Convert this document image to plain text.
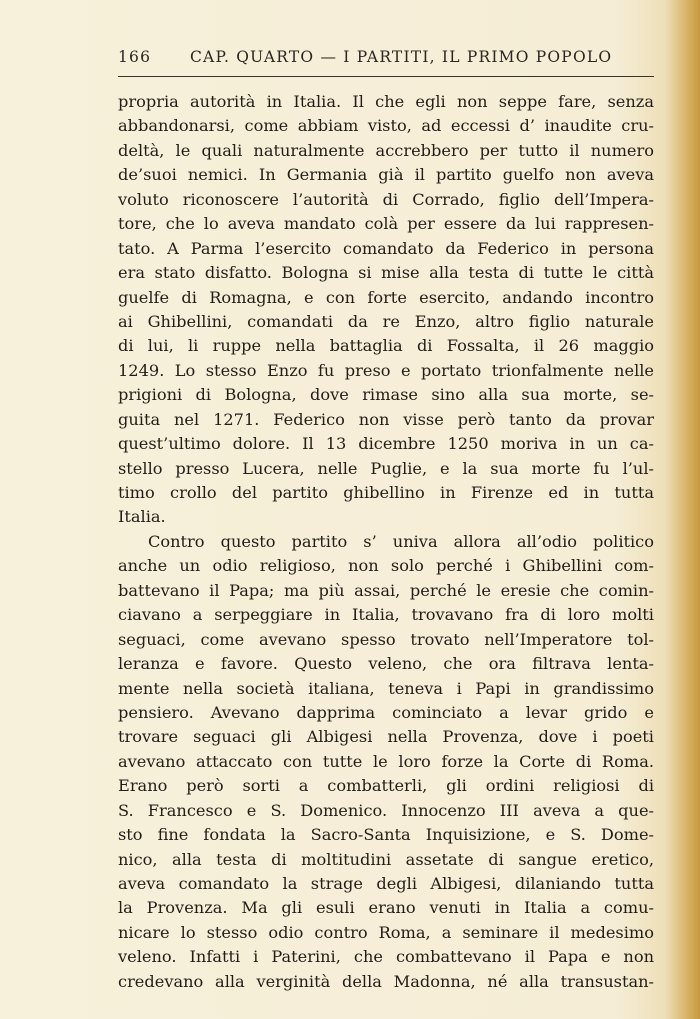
166	CAP. QUARTO — I PARTITI, IL PRIMO POPOLO
propria autorità in Italia. Il che egli non seppe fare, senza
abbandonarsi, come abbiam visto, ad eccessi d’ inaudite cru-
deltà, le quali naturalmente accrebbero per tutto il numero
de’suoi nemici. In Germania già il partito guelfo non aveva
voluto riconoscere l’autorità di Corrado, figlio dell’Impera-
tore, che lo aveva mandato colà per essere da lui rappresen-
tato. A Parma l’esercito comandato da Federico in persona
era stato disfatto. Bologna si mise alla testa di tutte le città
guelfe di Romagna, e con forte esercito, andando incontro
ai Ghibellini, comandati da re Enzo, altro figlio naturale
di lui, li ruppe nella battaglia di Fossalta, il 26 maggio
1249. Lo stesso Enzo fu preso e portato trionfalmente nelle
prigioni di Bologna, dove rimase sino alla sua morte, se-
guita nel 1271. Federico non visse però tanto da provar
quest’ultimo dolore. Il 13 dicembre 1250 moriva in un ca-
stello presso Lucera, nelle Puglie, e la sua morte fu l’ul-
timo crollo del partito ghibellino in Firenze ed in tutta
Italia.
Contro questo partito s’ univa allora all’odio politico
anche un odio religioso, non solo perché i Ghibellini com-
battevano il Papa; ma più assai, perché le eresie che comin-
ciavano a serpeggiare in Italia, trovavano fra di loro molti
seguaci, come avevano spesso trovato nell’Imperatore tol-
leranza e favore. Questo veleno, che ora filtrava lenta-
mente nella società italiana, teneva i Papi in grandissimo
pensiero. Avevano dapprima cominciato a levar grido e
trovare seguaci gli Albigesi nella Provenza, dove i poeti
avevano attaccato con tutte le loro forze la Corte di Roma.
Erano però sorti a combatterli, gli ordini religiosi di
S. Francesco e S. Domenico. Innocenzo III aveva a que-
sto fine fondata la Sacro-Santa Inquisizione, e S. Dome-
nico, alla testa di moltitudini assetate di sangue eretico,
aveva comandato la strage degli Albigesi, dilaniando tutta
la Provenza. Ma gli esuli erano venuti in Italia a comu-
nicare lo stesso odio contro Roma, a seminare il medesimo
veleno. Infatti i Paterini, che combattevano il Papa e non
credevano alla verginità della Madonna, né alla transustan-
